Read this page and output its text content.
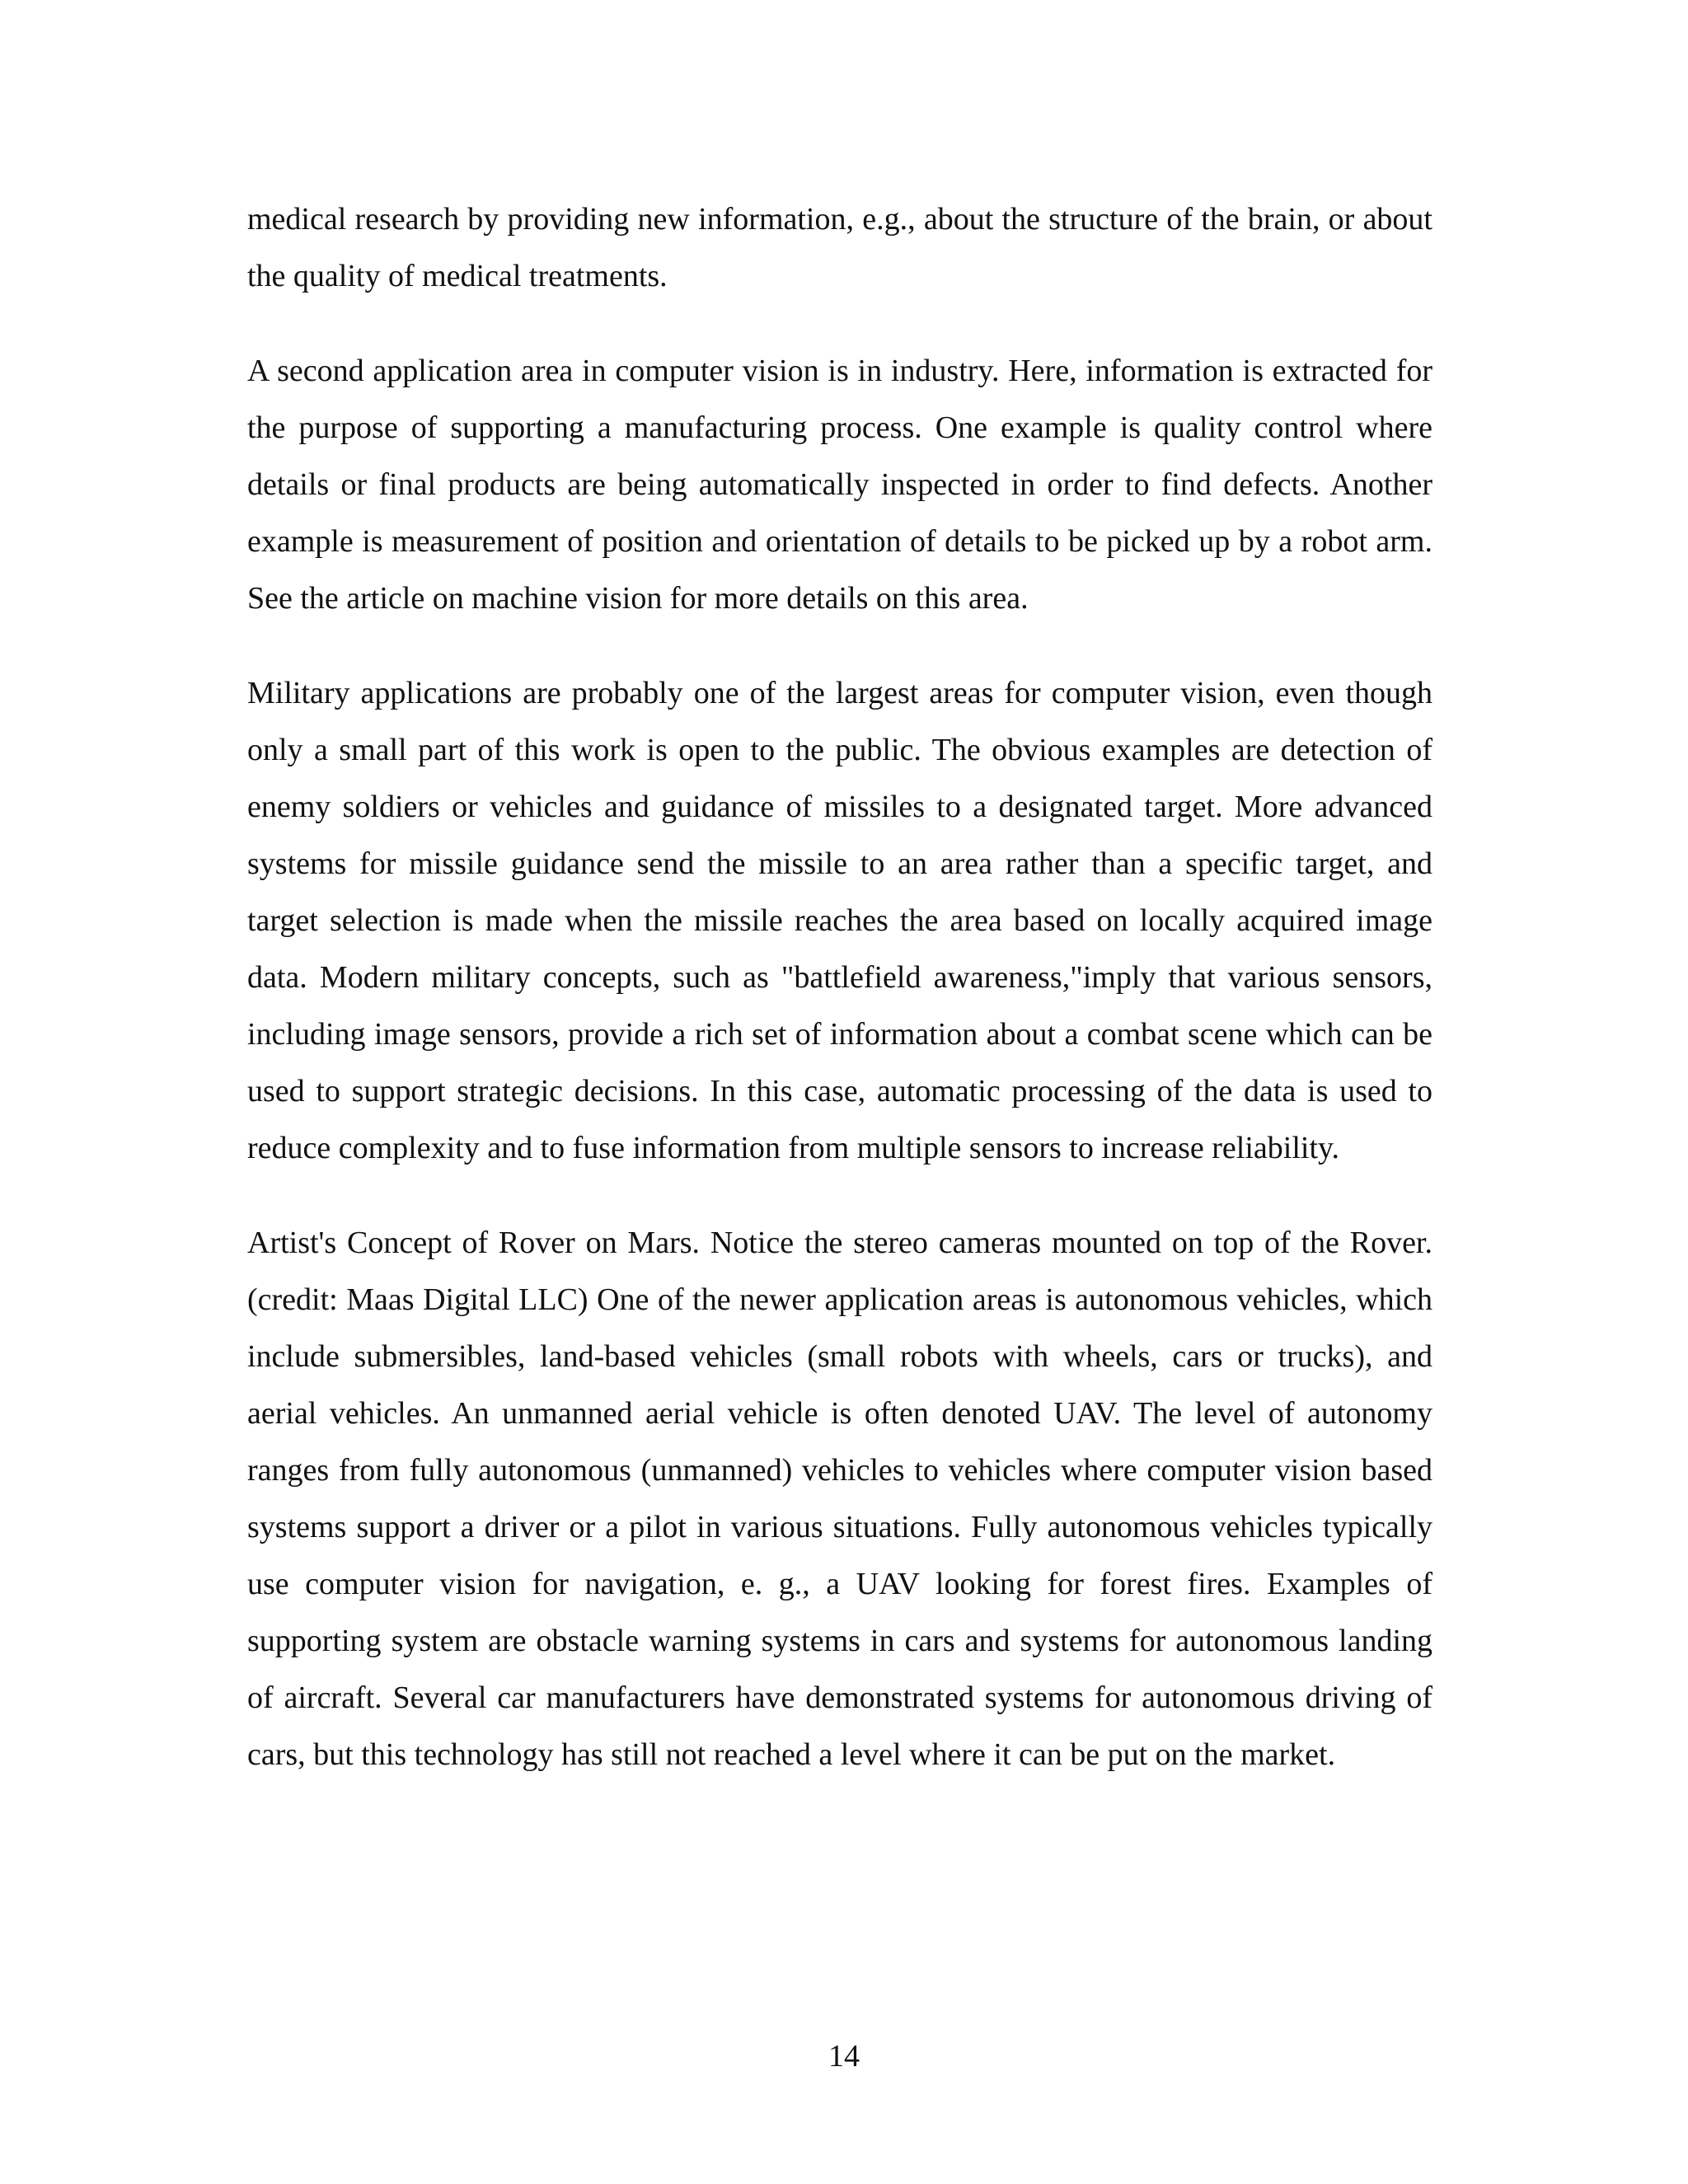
medical research by providing new information, e.g., about the structure of the brain, or about the quality of medical treatments.

A second application area in computer vision is in industry. Here, information is extracted for the purpose of supporting a manufacturing process. One example is quality control where details or final products are being automatically inspected in order to find defects. Another example is measurement of position and orientation of details to be picked up by a robot arm. See the article on machine vision for more details on this area.

Military applications are probably one of the largest areas for computer vision, even though only a small part of this work is open to the public. The obvious examples are detection of enemy soldiers or vehicles and guidance of missiles to a designated target. More advanced systems for missile guidance send the missile to an area rather than a specific target, and target selection is made when the missile reaches the area based on locally acquired image data. Modern military concepts, such as "battlefield awareness,"imply that various sensors, including image sensors, provide a rich set of information about a combat scene which can be used to support strategic decisions. In this case, automatic processing of the data is used to reduce complexity and to fuse information from multiple sensors to increase reliability.

Artist's Concept of Rover on Mars. Notice the stereo cameras mounted on top of the Rover. (credit: Maas Digital LLC) One of the newer application areas is autonomous vehicles, which include submersibles, land-based vehicles (small robots with wheels, cars or trucks), and aerial vehicles. An unmanned aerial vehicle is often denoted UAV. The level of autonomy ranges from fully autonomous (unmanned) vehicles to vehicles where computer vision based systems support a driver or a pilot in various situations. Fully autonomous vehicles typically use computer vision for navigation, e. g., a UAV looking for forest fires. Examples of supporting system are obstacle warning systems in cars and systems for autonomous landing of aircraft. Several car manufacturers have demonstrated systems for autonomous driving of cars, but this technology has still not reached a level where it can be put on the market.

14
